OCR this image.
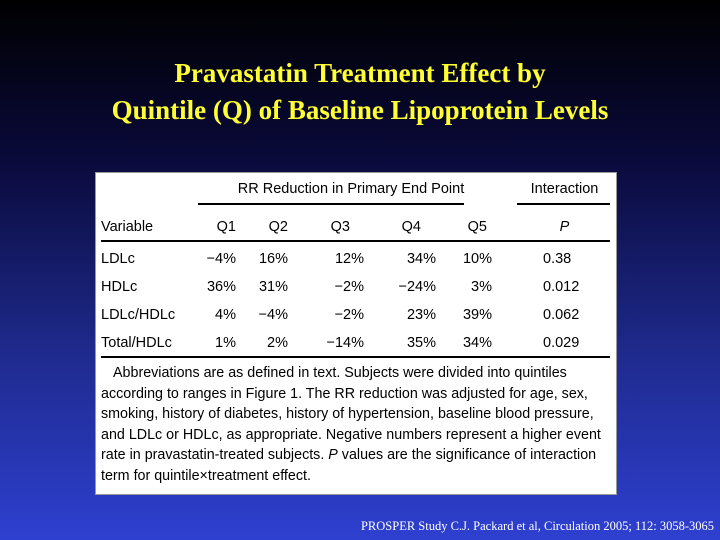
Pravastatin Treatment Effect by
Quintile (Q) of Baseline Lipoprotein Levels
RR Reduction in Primary End Point	Interaction
Variable	Q1	Q2	Q3	Q4	Q5	P
LDLc	−4%	16%	12%	34%	10%	0.38
HDLc	36%	31%	−2%	−24%	3%	0.012
LDLc/HDLc	4%	−4%	−2%	23%	39%	0.062
Total/HDLc	1%	2%	−14%	35%	34%	0.029
Abbreviations are as defined in text. Subjects were divided into quintiles according to ranges in Figure 1. The RR reduction was adjusted for age, sex, smoking, history of diabetes, history of hypertension, baseline blood pressure, and LDLc or HDLc, as appropriate. Negative numbers represent a higher event rate in pravastatin-treated subjects. P values are the significance of interaction term for quintile×treatment effect.
PROSPER Study C.J. Packard et al, Circulation 2005; 112: 3058-3065
